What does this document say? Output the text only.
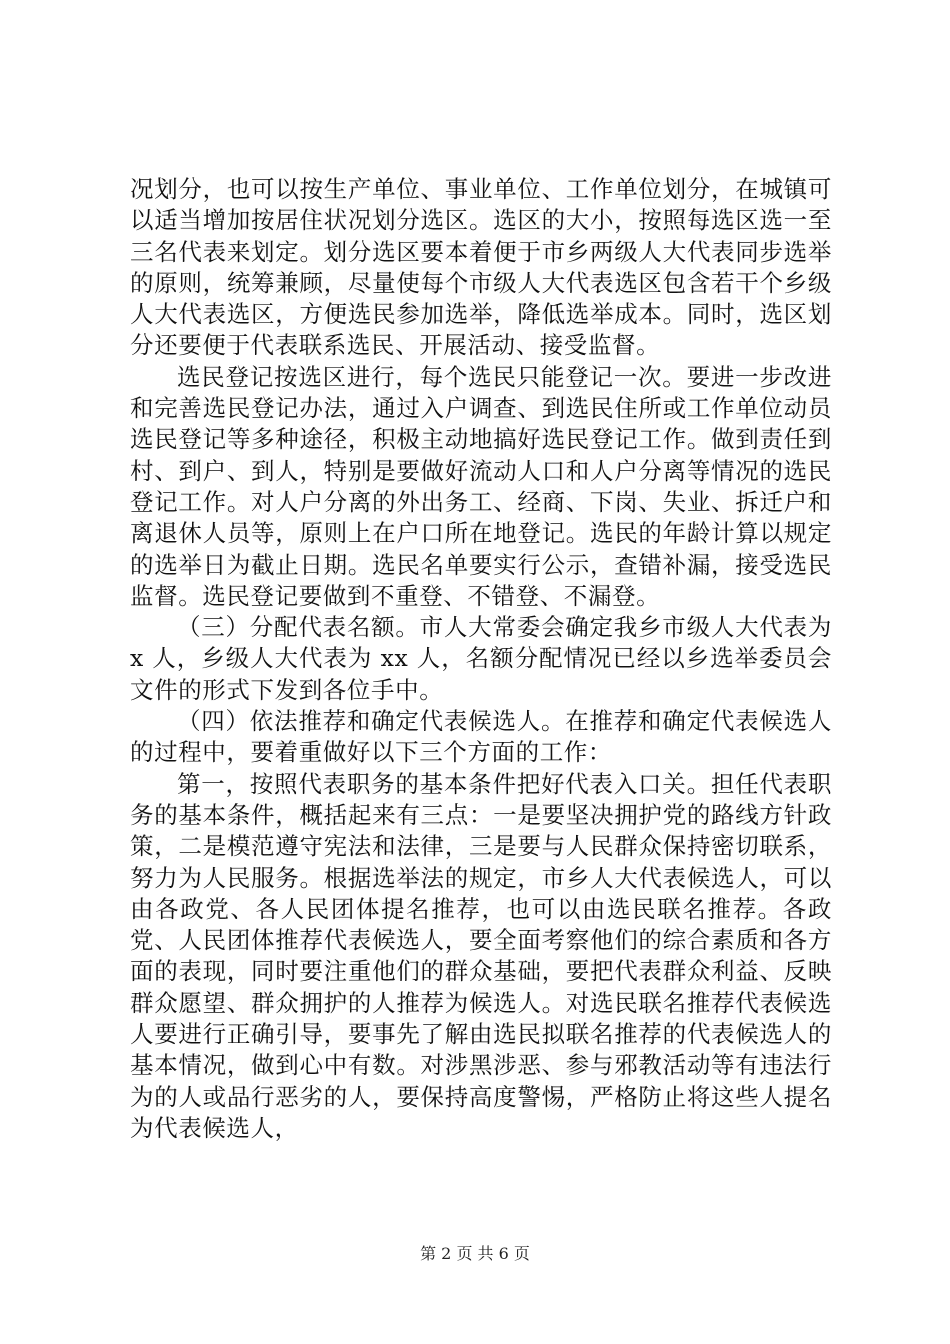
况划分，也可以按生产单位、事业单位、工作单位划分，在城镇可以适当增加按居住状况划分选区。选区的大小，按照每选区选一至三名代表来划定。划分选区要本着便于市乡两级人大代表同步选举的原则，统筹兼顾，尽量使每个市级人大代表选区包含若干个乡级人大代表选区，方便选民参加选举，降低选举成本。同时，选区划分还要便于代表联系选民、开展活动、接受监督。

选民登记按选区进行，每个选民只能登记一次。要进一步改进和完善选民登记办法，通过入户调查、到选民住所或工作单位动员选民登记等多种途径，积极主动地搞好选民登记工作。做到责任到村、到户、到人，特别是要做好流动人口和人户分离等情况的选民登记工作。对人户分离的外出务工、经商、下岗、失业、拆迁户和离退休人员等，原则上在户口所在地登记。选民的年龄计算以规定的选举日为截止日期。选民名单要实行公示，查错补漏，接受选民监督。选民登记要做到不重登、不错登、不漏登。

（三）分配代表名额。市人大常委会确定我乡市级人大代表为 x 人，乡级人大代表为 xx 人，名额分配情况已经以乡选举委员会文件的形式下发到各位手中。

（四）依法推荐和确定代表候选人。在推荐和确定代表候选人的过程中，要着重做好以下三个方面的工作：

第一，按照代表职务的基本条件把好代表入口关。担任代表职务的基本条件，概括起来有三点：一是要坚决拥护党的路线方针政策，二是模范遵守宪法和法律，三是要与人民群众保持密切联系，努力为人民服务。根据选举法的规定，市乡人大代表候选人，可以由各政党、各人民团体提名推荐，也可以由选民联名推荐。各政党、人民团体推荐代表候选人，要全面考察他们的综合素质和各方面的表现，同时要注重他们的群众基础，要把代表群众利益、反映群众愿望、群众拥护的人推荐为候选人。对选民联名推荐代表候选人要进行正确引导，要事先了解由选民拟联名推荐的代表候选人的基本情况，做到心中有数。对涉黑涉恶、参与邪教活动等有违法行为的人或品行恶劣的人，要保持高度警惕，严格防止将这些人提名为代表候选人，

第 2 页 共 6 页
